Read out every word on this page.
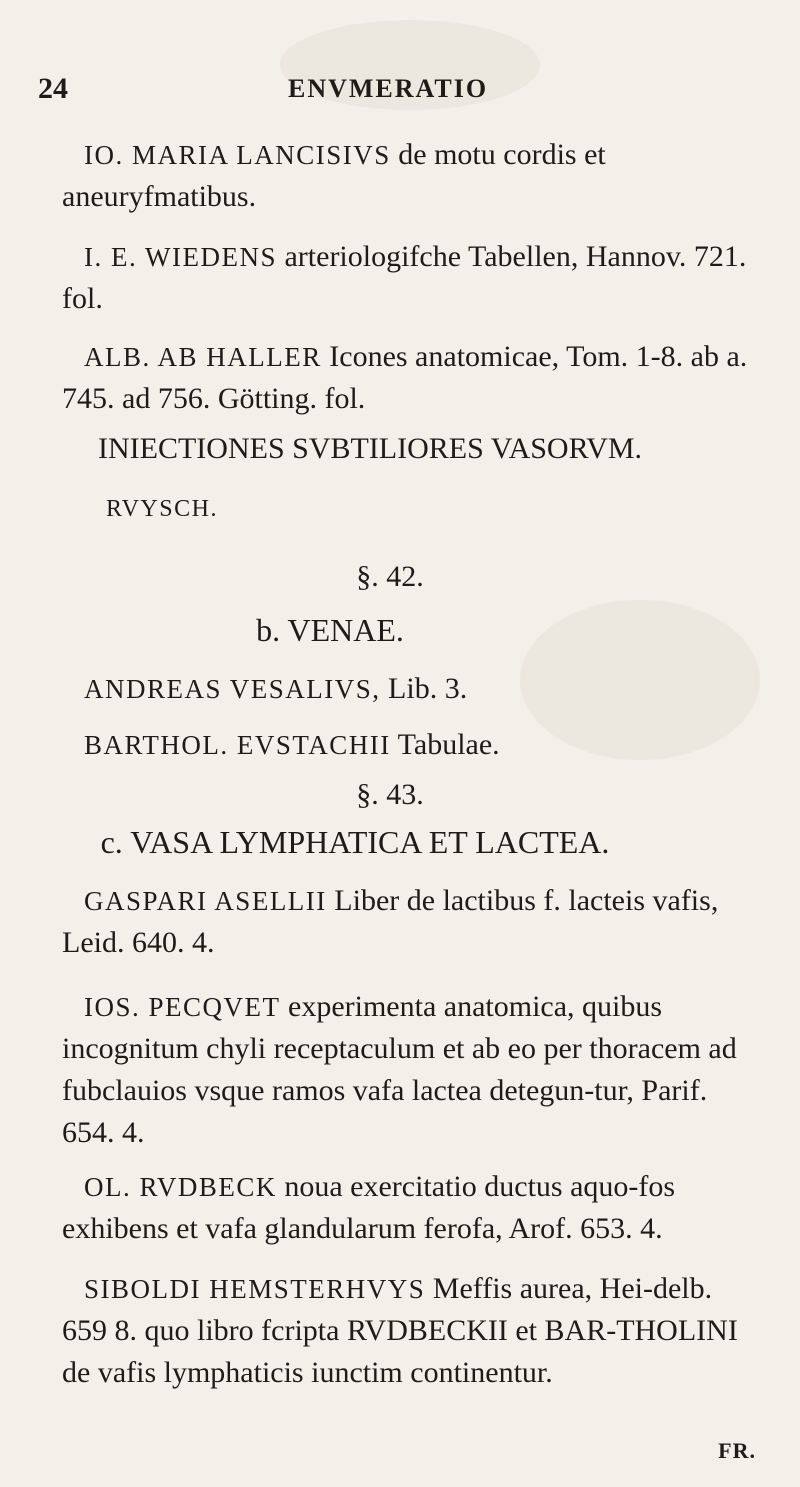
24	ENVMERATIO
IO. MARIA LANCISIVS de motu cordis et aneuryfmatibus.
I. E. WIEDENS arteriologifche Tabellen, Hannov. 721. fol.
ALB. AB HALLER Icones anatomicae, Tom. 1-8. ab a. 745. ad 756. Götting. fol.
INIECTIONES SVBTILIORES VASORVM.
RVYSCH.
§. 42.
b. VENAE.
ANDREAS VESALIVS, Lib. 3.
BARTHOL. EVSTACHII Tabulae.
§. 43.
c. VASA LYMPHATICA ET LACTEA.
GASPARI ASELLII Liber de lactibus f. lacteis vafis, Leid. 640. 4.
IOS. PECQVET experimenta anatomica, quibus incognitum chyli receptaculum et ab eo per thoracem ad fubclauios vsque ramos vafa lactea detegun-tur, Parif. 654. 4.
OL. RVDBECK noua exercitatio ductus aquo-fos exhibens et vafa glandularum ferofa, Arof. 653. 4.
SIBOLDI HEMSTERHVYS Meffis aurea, Hei-delb. 659 8. quo libro fcripta RVDBECKII et BAR-THOLINI de vafis lymphaticis iunctim continentur.
FR.
